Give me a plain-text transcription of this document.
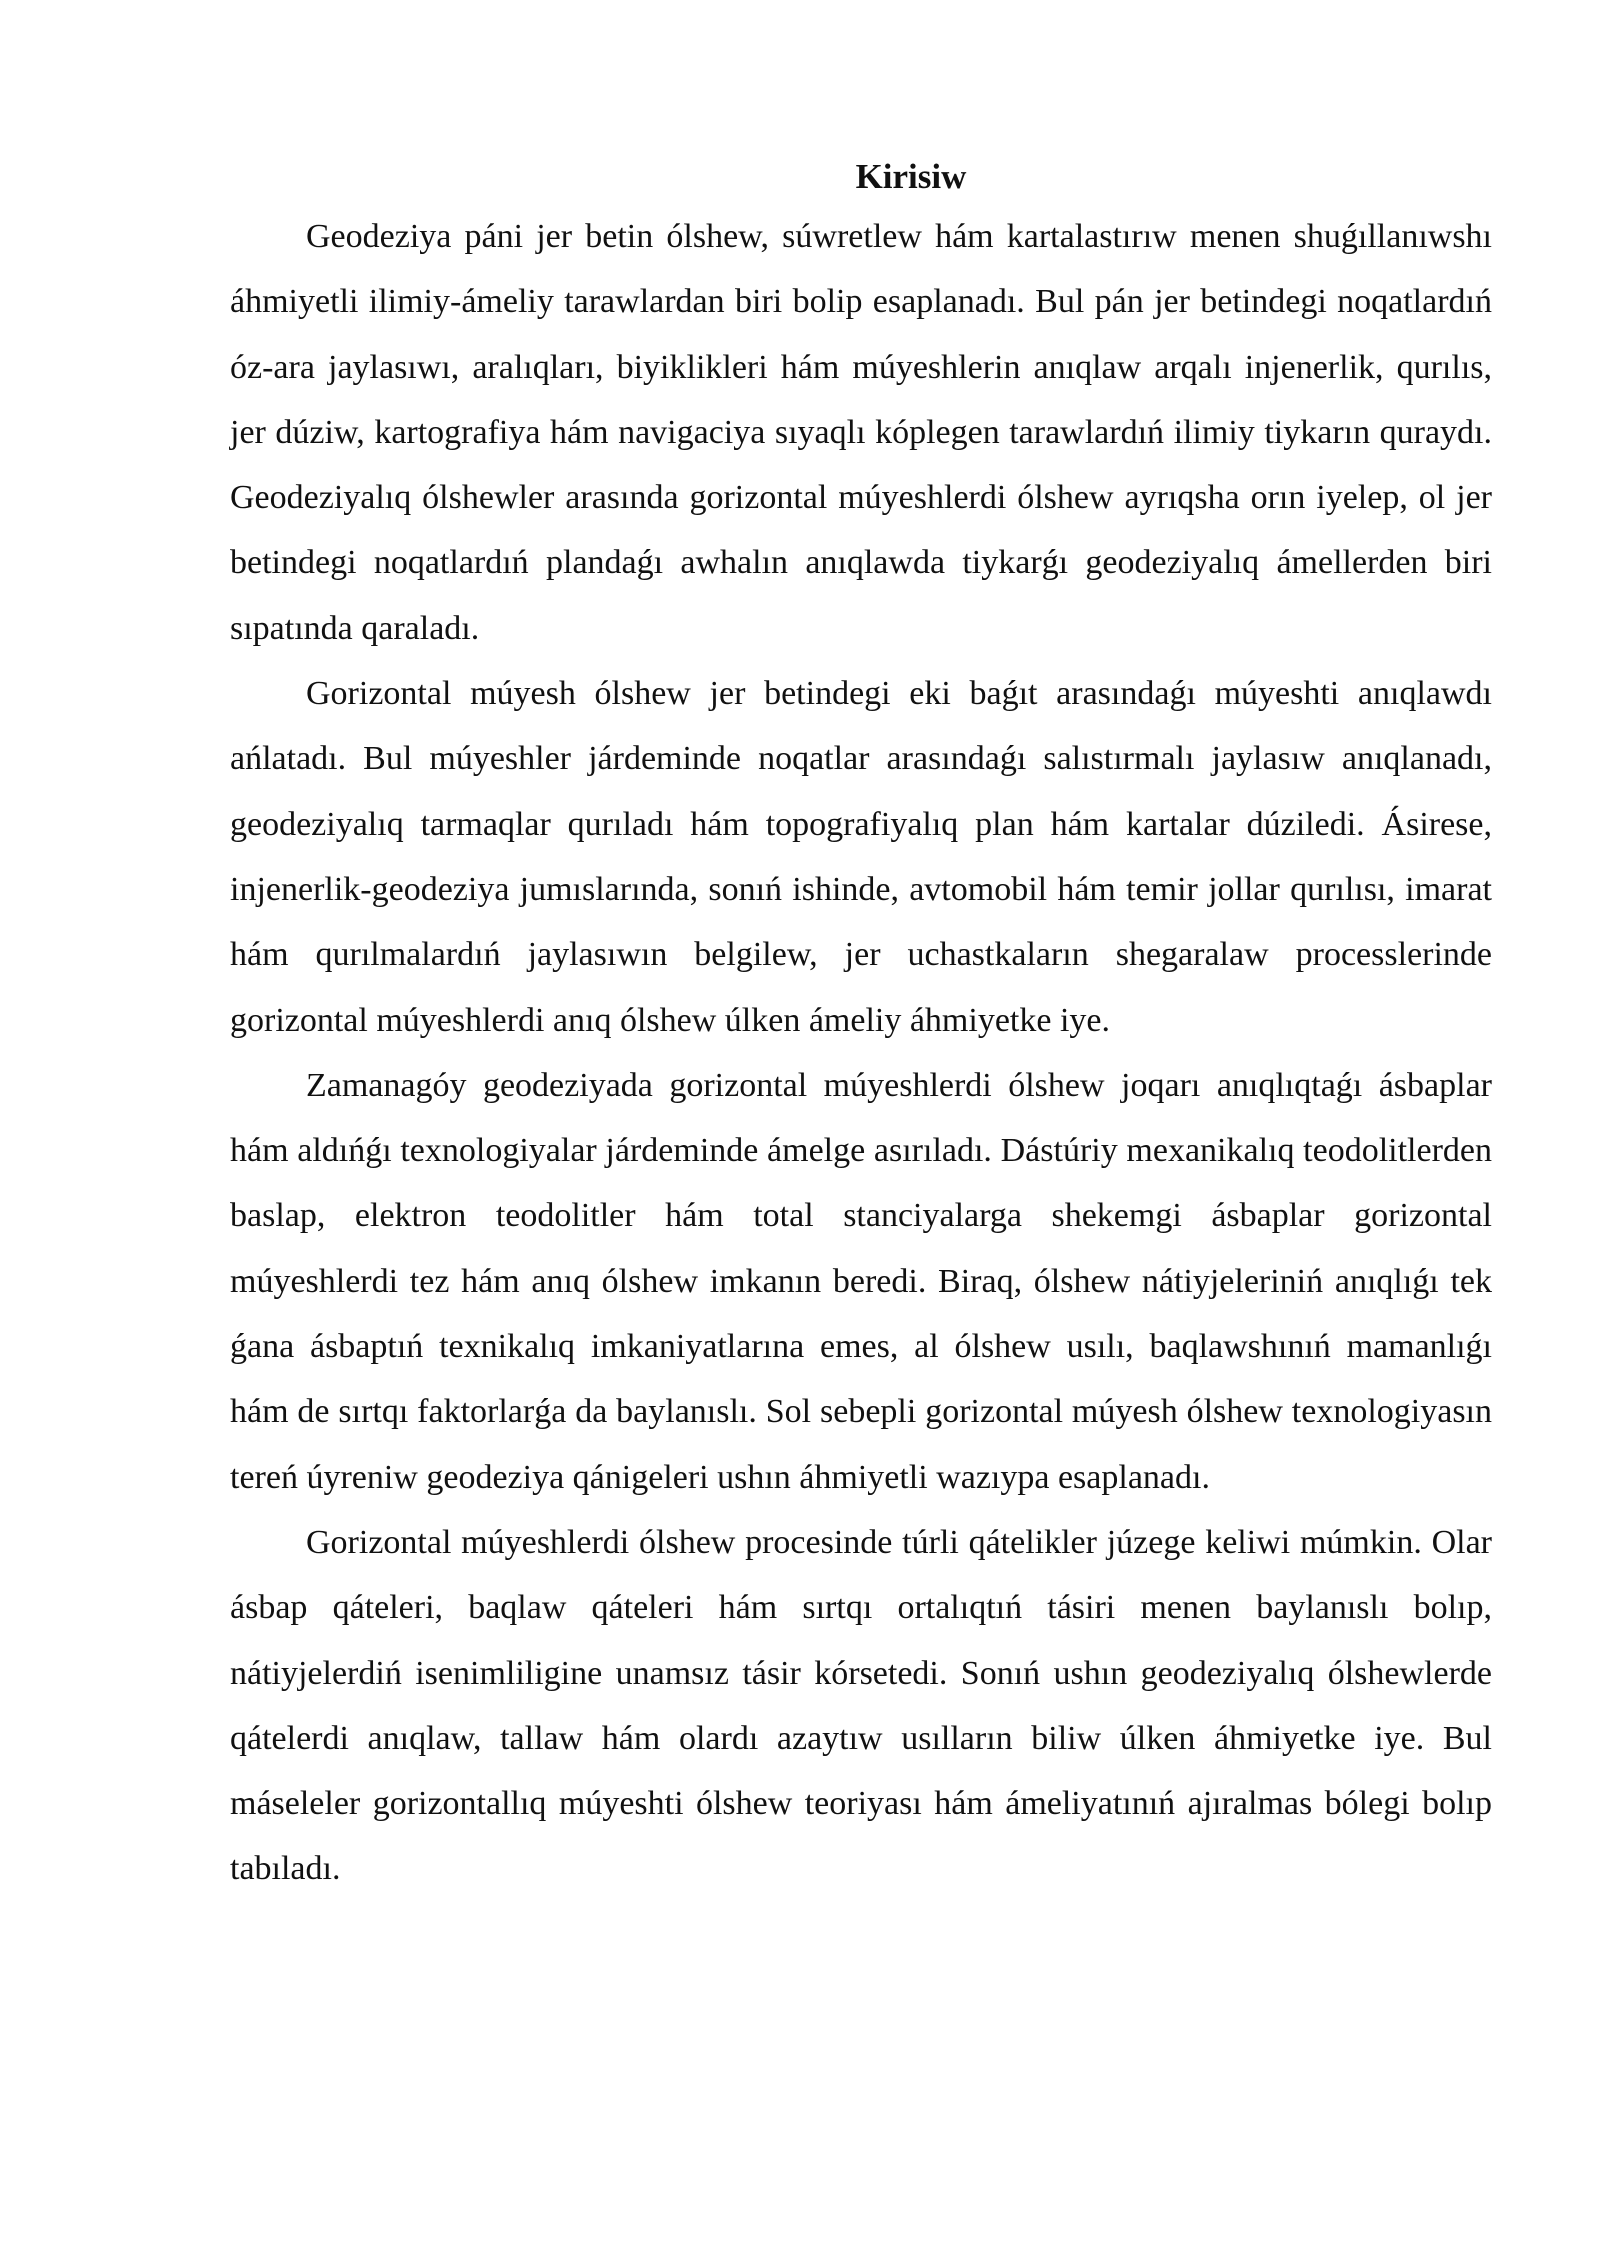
Kirisiw

Geodeziya páni jer betin ólshew, súwretlew hám kartalastırıw menen shuǵıllanıwshı áhmiyetli ilimiy-ámeliy tarawlardan biri bolip esaplanadı. Bul pán jer betindegi noqatlardıń óz-ara jaylasıwı, aralıqları, biyiklikleri hám múyeshlerin anıqlaw arqalı injenerlik, qurılıs, jer dúziw, kartografiya hám navigaciya sıyaqlı kóplegen tarawlardıń ilimiy tiykarın quraydı. Geodeziyalıq ólshewler arasında gorizontal múyeshlerdi ólshew ayrıqsha orın iyelep, ol jer betindegi noqatlardıń plandaǵı awhalın anıqlawda tiykarǵı geodeziyalıq ámellerden biri sıpatında qaraladı.

Gorizontal múyesh ólshew jer betindegi eki baǵıt arasındaǵı múyeshti anıqlawdı ańlatadı. Bul múyeshler járdeminde noqatlar arasındaǵı salıstırmalı jaylasıw anıqlanadı, geodeziyalıq tarmaqlar qurıladı hám topografiyalıq plan hám kartalar dúziledi. Ásirese, injenerlik-geodeziya jumıslarında, sonıń ishinde, avtomobil hám temir jollar qurılısı, imarat hám qurılmalardıń jaylasıwın belgilew, jer uchastkaların shegaralaw processlerinde gorizontal múyeshlerdi anıq ólshew úlken ámeliy áhmiyetke iye.

Zamanagóy geodeziyada gorizontal múyeshlerdi ólshew joqarı anıqlıqtaǵı ásbaplar hám aldıńǵı texnologiyalar járdeminde ámelge asırıladı. Dástúriy mexanikalıq teodolitlerden baslap, elektron teodolitler hám total stanciyalarga shekemgi ásbaplar gorizontal múyeshlerdi tez hám anıq ólshew imkanın beredi. Biraq, ólshew nátiyjeleriniń anıqlıǵı tek ǵana ásbaptıń texnikalıq imkaniyatlarına emes, al ólshew usılı, baqlawshınıń mamanlıǵı hám de sırtqı faktorlarǵa da baylanıslı. Sol sebepli gorizontal múyesh ólshew texnologiyasın tereń úyreniw geodeziya qánigeleri ushın áhmiyetli wazıypa esaplanadı.

Gorizontal múyeshlerdi ólshew procesinde túrli qátelikler júzege keliwi múmkin. Olar ásbap qáteleri, baqlaw qáteleri hám sırtqı ortalıqtıń tásiri menen baylanıslı bolıp, nátiyjelerdiń isenimliligine unamsız tásir kórsetedi. Sonıń ushın geodeziyalıq ólshewlerde qátelerdi anıqlaw, tallaw hám olardı azaytıw usılların biliw úlken áhmiyetke iye. Bul máseleler gorizontallıq múyeshti ólshew teoriyası hám ámeliyatınıń ajıralmas bólegi bolıp tabıladı.
